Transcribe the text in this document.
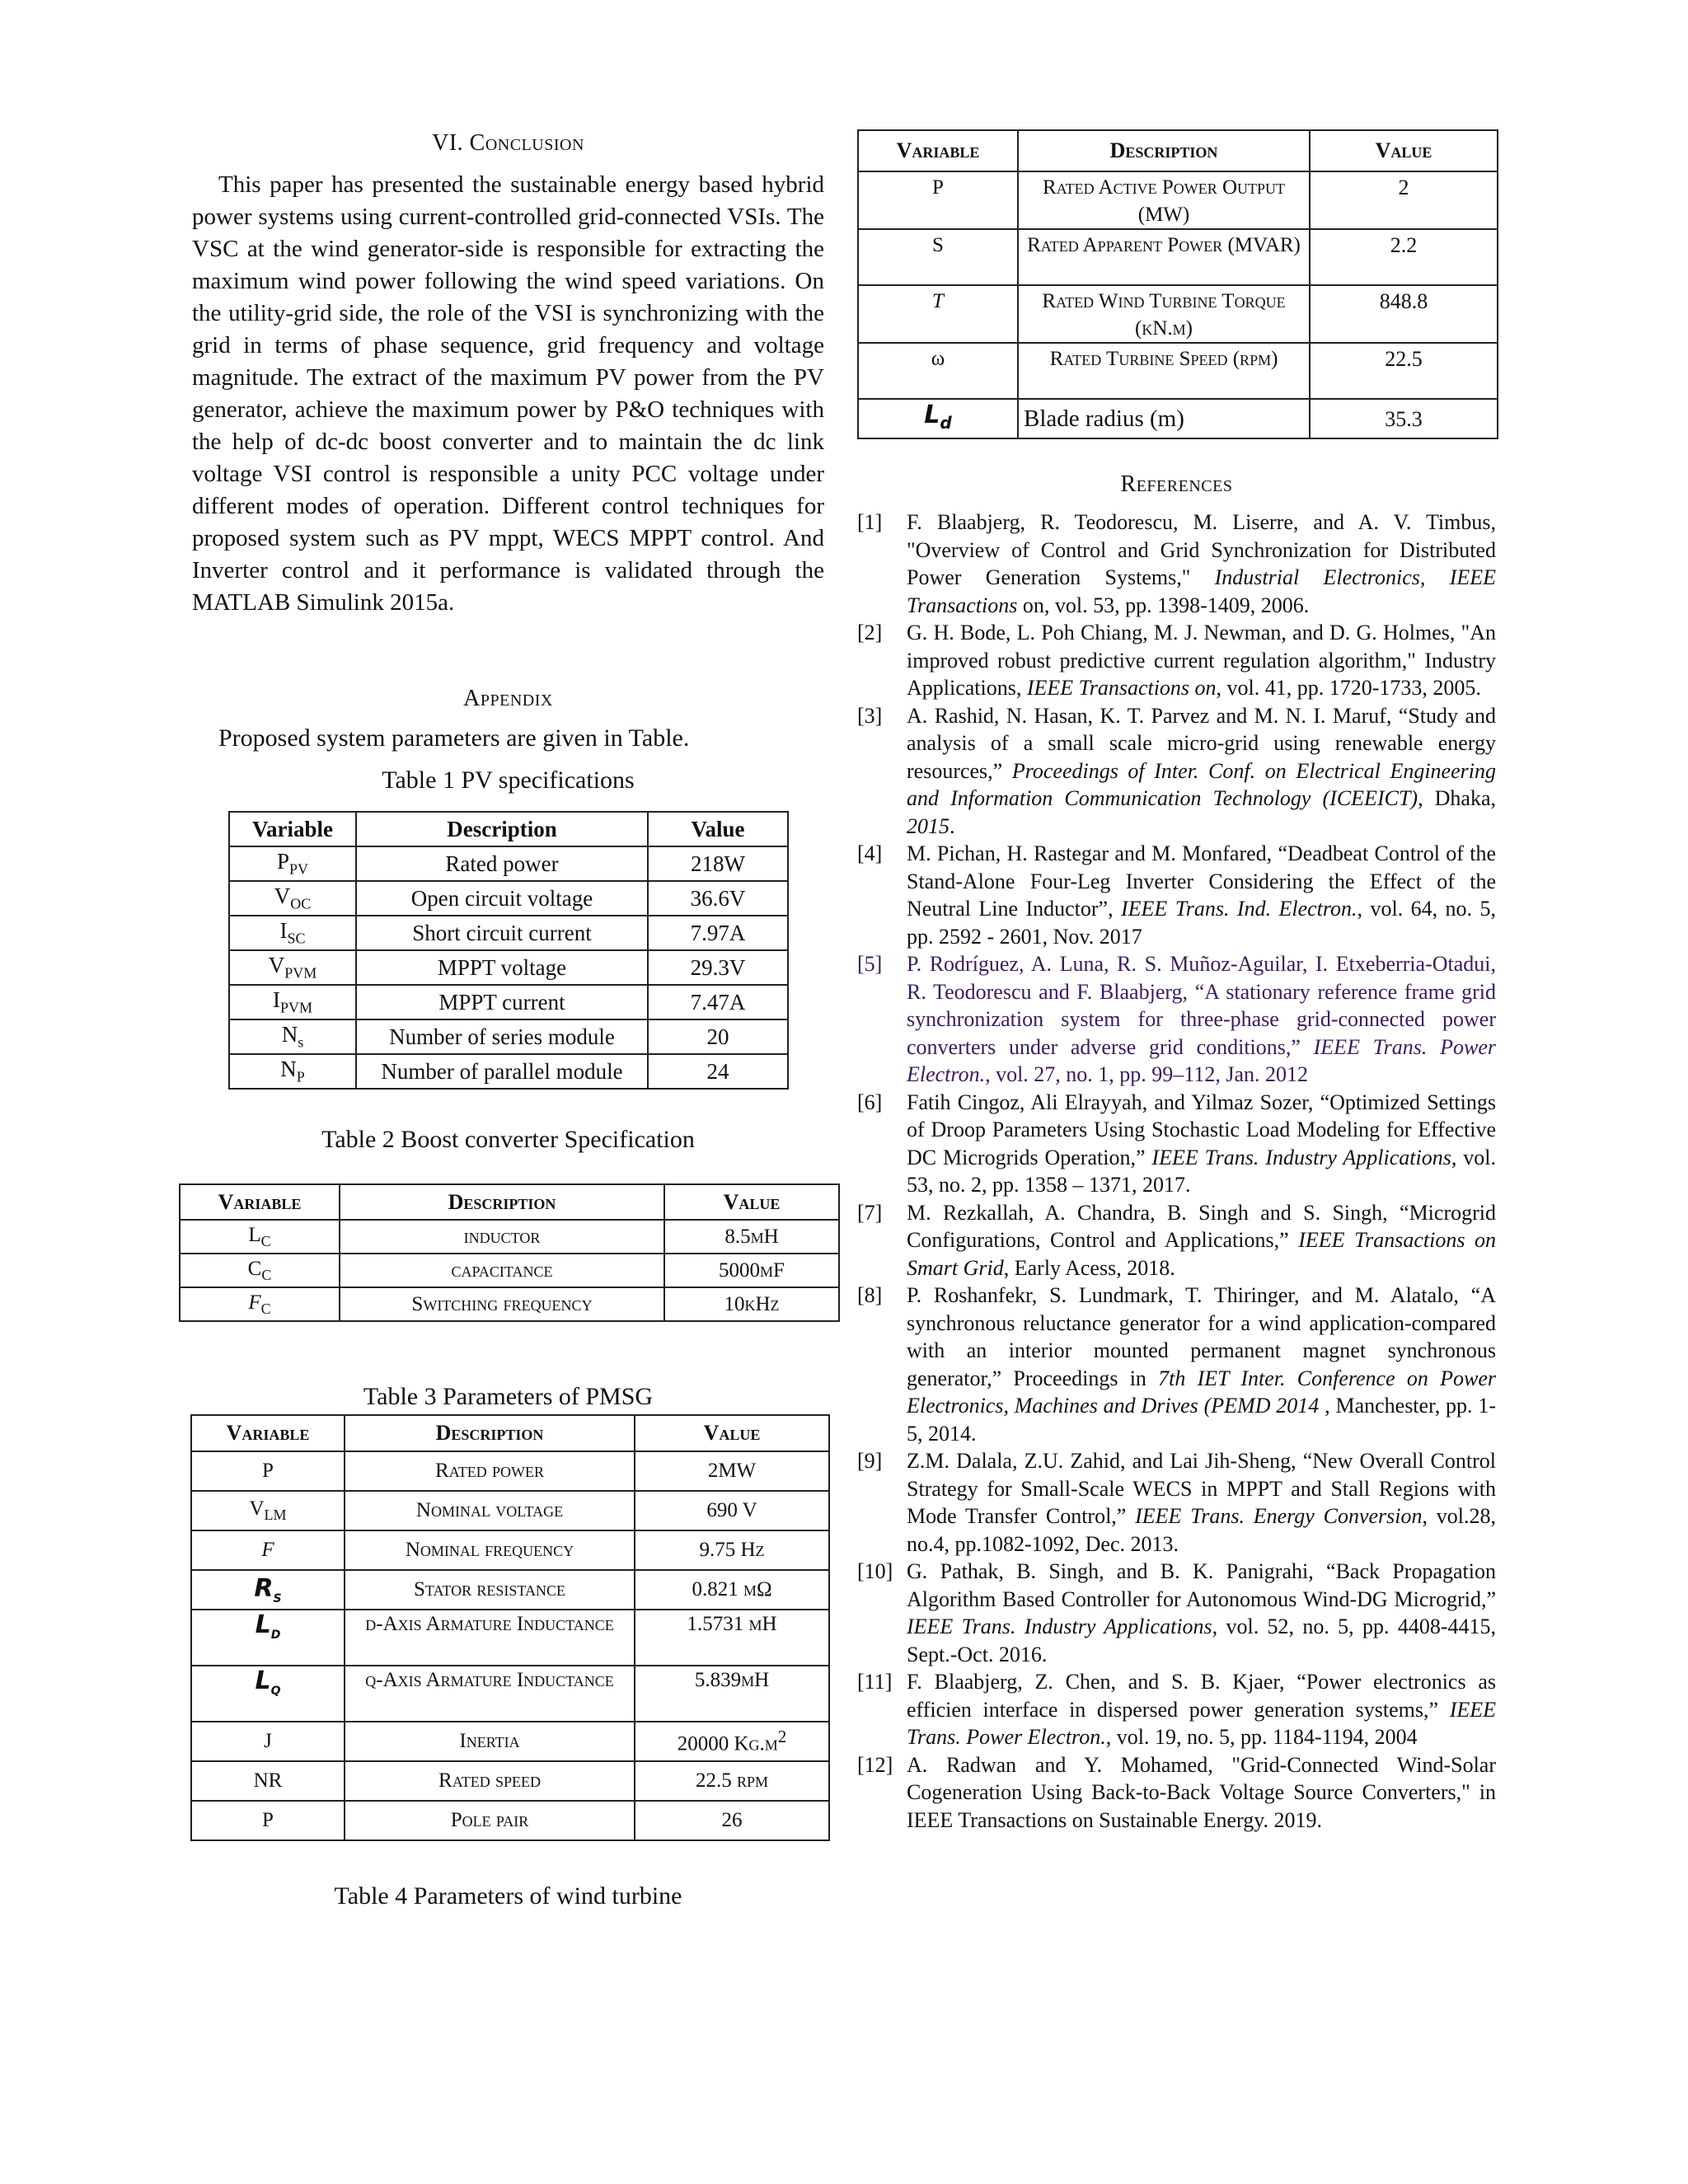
VI. Conclusion

This paper has presented the sustainable energy based hybrid power systems using current-controlled grid-connected VSIs. The VSC at the wind generator-side is responsible for extracting the maximum wind power following the wind speed variations. On the utility-grid side, the role of the VSI is synchronizing with the grid in terms of phase sequence, grid frequency and voltage magnitude. The extract of the maximum PV power from the PV generator, achieve the maximum power by P&O techniques with the help of dc-dc boost converter and to maintain the dc link voltage VSI control is responsible a unity PCC voltage under different modes of operation. Different control techniques for proposed system such as PV mppt, WECS MPPT control. And Inverter control and it performance is validated through the MATLAB Simulink 2015a.

Appendix
Proposed system parameters are given in Table.
Table 1 PV specifications
Variable	Description	Value
$P_{PV}$	Rated power	218W
$V_{OC}$	Open circuit voltage	36.6V
$I_{SC}$	Short circuit current	7.97A
$V_{PVM}$	MPPT voltage	29.3V
$I_{PVM}$	MPPT current	7.47A
$N_s$	Number of series module	20
$N_P$	Number of parallel module	24
Table 2 Boost converter Specification
Variable	Description	Value
$L_C$	inductor	8.5mH
$C_C$	capacitance	5000mF
$F_C$	Switching frequency	10kHz
Table 3 Parameters of PMSG
Variable	Description	Value
P	Rated power	2MW
$V_{LM}$	Nominal voltage	690 V
F	Nominal frequency	9.75 Hz
$R_s$	Stator resistance	0.821 mΩ
$L_d$	d-Axis Armature Inductance	1.5731 mH
$L_q$	q-Axis Armature Inductance	5.839mH
J	Inertia	20000 $Kg.m^2$
NR	Rated speed	22.5 rpm
P	Pole pair	26
Table 4 Parameters of wind turbine
Variable	Description	Value
P	Rated Active Power Output (MW)	2
S	Rated Apparent Power (MVAR)	2.2
T	Rated Wind Turbine Torque (kN.m)	848.8
ω	Rated Turbine Speed (rpm)	22.5
$L_d$	Blade radius (m)	35.3
References
[1] F. Blaabjerg, R. Teodorescu, M. Liserre, and A. V. Timbus, "Overview of Control and Grid Synchronization for Distributed Power Generation Systems," Industrial Electronics, IEEE Transactions on, vol. 53, pp. 1398-1409, 2006.
[2] G. H. Bode, L. Poh Chiang, M. J. Newman, and D. G. Holmes, "An improved robust predictive current regulation algorithm," Industry Applications, IEEE Transactions on, vol. 41, pp. 1720-1733, 2005.
[3] A. Rashid, N. Hasan, K. T. Parvez and M. N. I. Maruf, “Study and analysis of a small scale micro-grid using renewable energy resources,” Proceedings of Inter. Conf. on Electrical Engineering and Information Communication Technology (ICEEICT), Dhaka, 2015.
[4] M. Pichan, H. Rastegar and M. Monfared, “Deadbeat Control of the Stand-Alone Four-Leg Inverter Considering the Effect of the Neutral Line Inductor”, IEEE Trans. Ind. Electron., vol. 64, no. 5, pp. 2592 - 2601, Nov. 2017
[5] P. Rodríguez, A. Luna, R. S. Muñoz-Aguilar, I. Etxeberria-Otadui, R. Teodorescu and F. Blaabjerg, “A stationary reference frame grid synchronization system for three-phase grid-connected power converters under adverse grid conditions,” IEEE Trans. Power Electron., vol. 27, no. 1, pp. 99–112, Jan. 2012
[6] Fatih Cingoz, Ali Elrayyah, and Yilmaz Sozer, “Optimized Settings of Droop Parameters Using Stochastic Load Modeling for Effective DC Microgrids Operation,” IEEE Trans. Industry Applications, vol. 53, no. 2, pp. 1358 – 1371, 2017.
[7] M. Rezkallah, A. Chandra, B. Singh and S. Singh, “Microgrid Configurations, Control and Applications,” IEEE Transactions on Smart Grid, Early Acess, 2018.
[8] P. Roshanfekr, S. Lundmark, T. Thiringer, and M. Alatalo, “A synchronous reluctance generator for a wind application-compared with an interior mounted permanent magnet synchronous generator,” Proceedings in 7th IET Inter. Conference on Power Electronics, Machines and Drives (PEMD 2014 , Manchester, pp. 1-5, 2014.
[9] Z.M. Dalala, Z.U. Zahid, and Lai Jih-Sheng, “New Overall Control Strategy for Small-Scale WECS in MPPT and Stall Regions with Mode Transfer Control,” IEEE Trans. Energy Conversion, vol.28, no.4, pp.1082-1092, Dec. 2013.
[10] G. Pathak, B. Singh, and B. K. Panigrahi, “Back Propagation Algorithm Based Controller for Autonomous Wind-DG Microgrid,” IEEE Trans. Industry Applications, vol. 52, no. 5, pp. 4408-4415, Sept.-Oct. 2016.
[11] F. Blaabjerg, Z. Chen, and S. B. Kjaer, “Power electronics as efficien interface in dispersed power generation systems,” IEEE Trans. Power Electron., vol. 19, no. 5, pp. 1184-1194, 2004
[12] A. Radwan and Y. Mohamed, "Grid-Connected Wind-Solar Cogeneration Using Back-to-Back Voltage Source Converters," in IEEE Transactions on Sustainable Energy. 2019.
